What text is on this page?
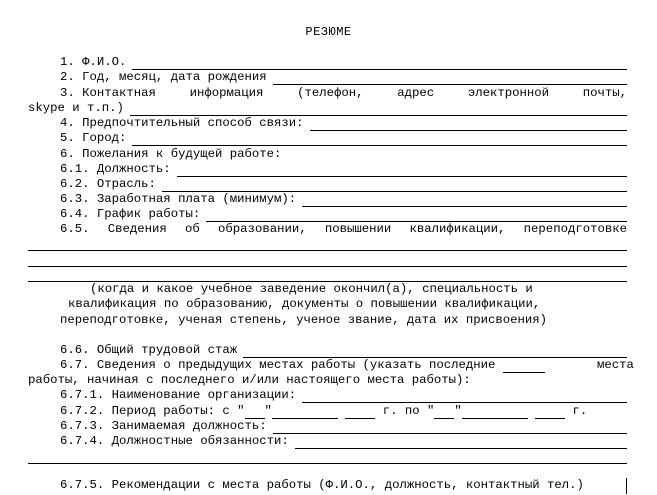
РЕЗЮМЕ
1. Ф.И.О.
2. Год, месяц, дата рождения
3. Контактная	информация	(телефон,	адрес	электронной	почты,
skype и т.п.)
4. Предпочтительный способ связи:
5. Город:
6. Пожелания к будущей работе:
6.1. Должность:
6.2. Отрасль:
6.3. Заработная плата (минимум):
6.4. График работы:
6.5. Сведения об образовании, повышении квалификации, переподготовке
(когда и какое учебное заведение окончил(а), специальность и
квалификация по образованию, документы о повышении квалификации,
переподготовке, ученая степень, ученое звание, дата их присвоения)
6.6. Общий трудовой стаж
6.7. Сведения о предыдущих местах работы (указать последние	места
работы, начиная с последнего и/или настоящего места работы):
6.7.1. Наименование организации:
6.7.2. Период работы: с " "	г. по " "	г.
6.7.3. Занимаемая должность:
6.7.4. Должностные обязанности:
6.7.5. Рекомендации с места работы (Ф.И.О., должность, контактный тел.)
